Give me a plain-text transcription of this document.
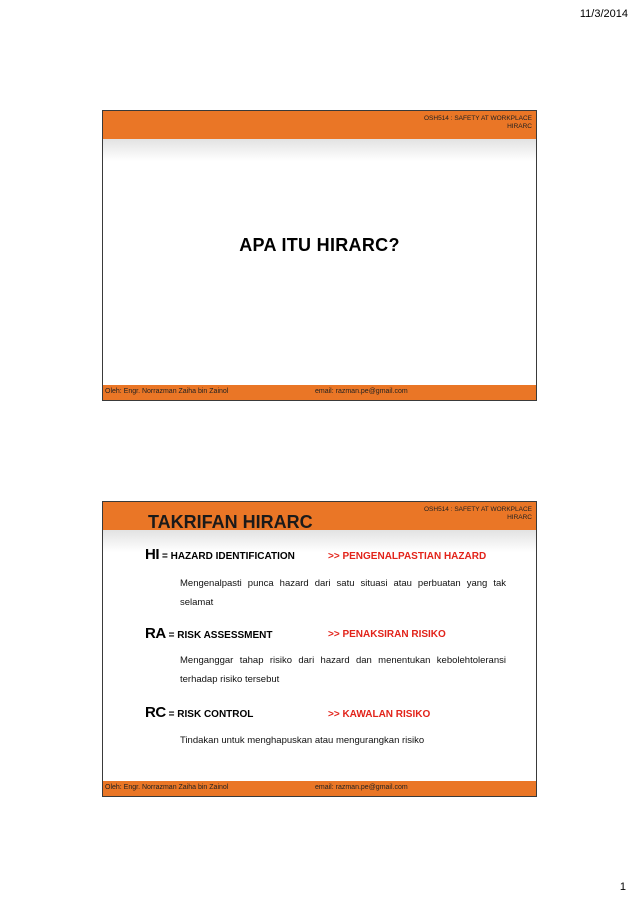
11/3/2014
OSH514 : SAFETY AT WORKPLACE
HIRARC
APA ITU HIRARC?
Oleh: Engr. Norrazman Zaiha bin Zainol	email: razman.pe@gmail.com
OSH514 : SAFETY AT WORKPLACE
HIRARC
TAKRIFAN HIRARC
HI = HAZARD IDENTIFICATION	>> PENGENALPASTIAN HAZARD
Mengenalpasti punca hazard dari satu situasi atau perbuatan yang tak selamat
RA = RISK ASSESSMENT	>> PENAKSIRAN RISIKO
Menganggar tahap risiko dari hazard dan menentukan kebolehtoleransi terhadap risiko tersebut
RC = RISK CONTROL	>> KAWALAN RISIKO
Tindakan untuk menghapuskan atau mengurangkan risiko
Oleh: Engr. Norrazman Zaiha bin Zainol	email: razman.pe@gmail.com
1
